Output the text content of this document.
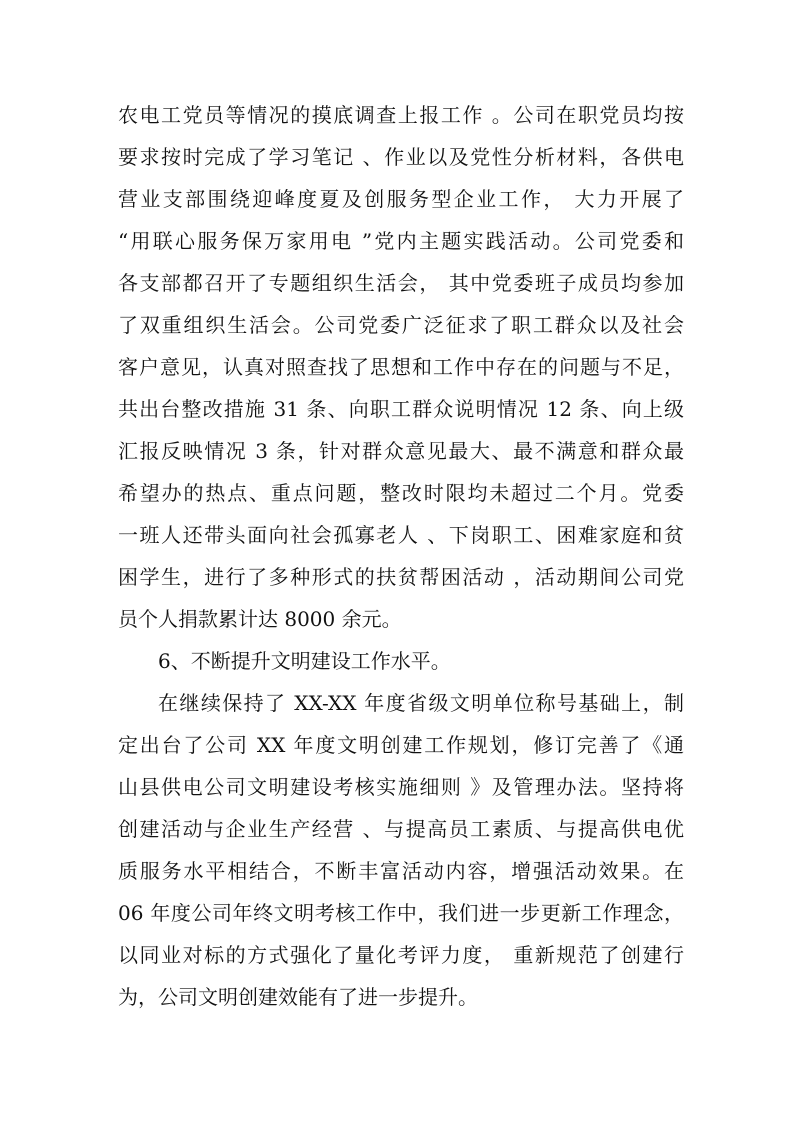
农电工党员等情况的摸底调查上报工作 。公司在职党员均按
要求按时完成了学习笔记 、作业以及党性分析材料，各供电
营业支部围绕迎峰度夏及创服务型企业工作， 大力开展了
“用联心服务保万家用电 ”党内主题实践活动。公司党委和
各支部都召开了专题组织生活会， 其中党委班子成员均参加
了双重组织生活会。公司党委广泛征求了职工群众以及社会
客户意见，认真对照查找了思想和工作中存在的问题与不足，
共出台整改措施 31 条、向职工群众说明情况 12 条、向上级
汇报反映情况 3 条，针对群众意见最大、最不满意和群众最
希望办的热点、重点问题，整改时限均未超过二个月。党委
一班人还带头面向社会孤寡老人 、下岗职工、困难家庭和贫
困学生，进行了多种形式的扶贫帮困活动 ，活动期间公司党
员个人捐款累计达 8000 余元。
6、不断提升文明建设工作水平。
在继续保持了 XX-XX 年度省级文明单位称号基础上，制
定出台了公司 XX 年度文明创建工作规划，修订完善了《通
山县供电公司文明建设考核实施细则 》及管理办法。坚持将
创建活动与企业生产经营 、与提高员工素质、与提高供电优
质服务水平相结合，不断丰富活动内容，增强活动效果。在
06 年度公司年终文明考核工作中，我们进一步更新工作理念，
以同业对标的方式强化了量化考评力度， 重新规范了创建行
为，公司文明创建效能有了进一步提升。
